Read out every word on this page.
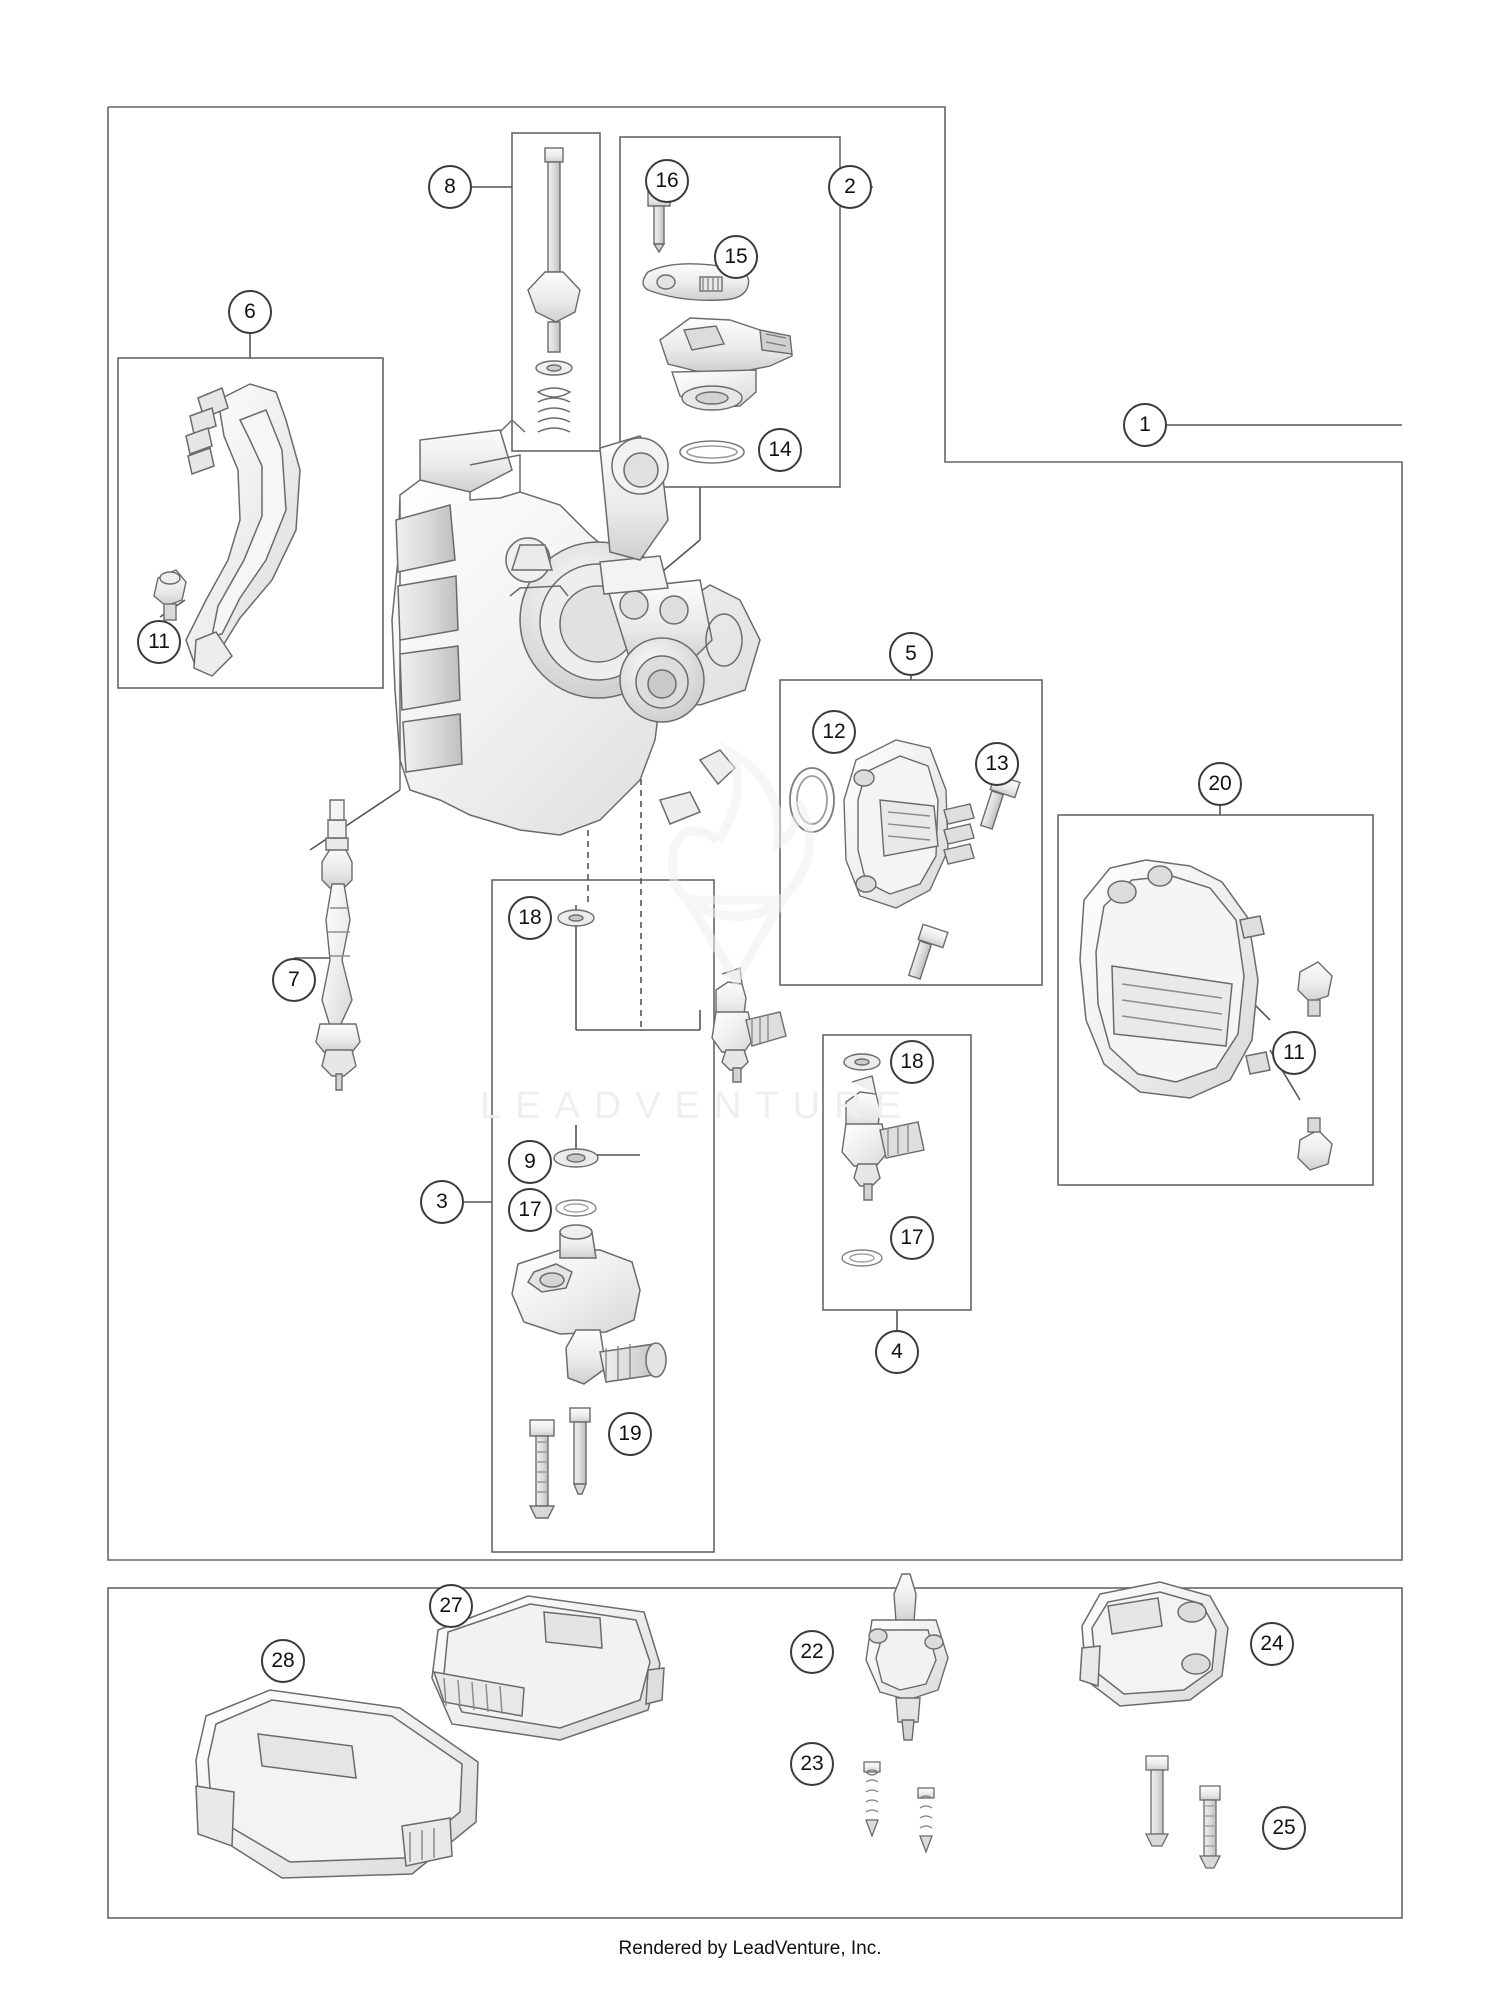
LEADVENTURE
1
2
3
4
5
6
7
8
9
11
11
12
13
14
15
16
17
17
18
18
19
20
22
23
24
25
27
28
Rendered by LeadVenture, Inc.
